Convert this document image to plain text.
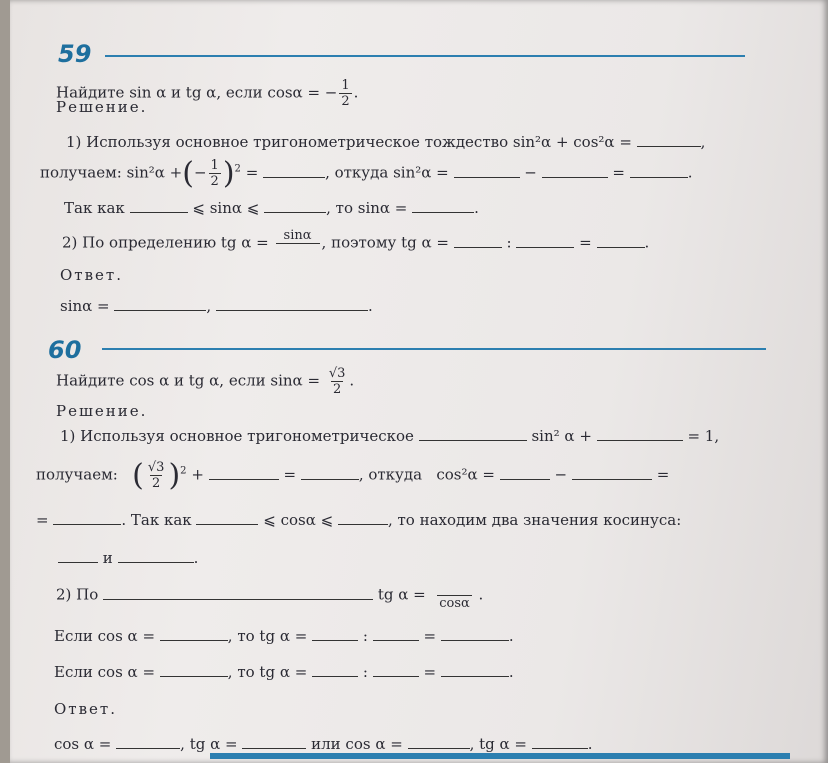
59
Найдите sin α и tg α, если cosα = − $\frac{1}{2}$ .
Решение.
1) Используя основное тригонометрическое тождество sin²α + cos²α =	,
получаем: sin²α +(− $\frac{1}{2} )^2$ =	, откуда sin²α =	−	=	.
Так как	⩽ sinα ⩽	, то sinα =	.
2) По определению tg α = sinα
, поэтому tg α =	:	=	.
Ответ.
sinα =	,	.
60
Найдите cos α и tg α, если $\sin\alpha = \frac{√3}{2}$ .
Решение.
1) Используя основное тригонометрическое	sin² α +	= 1,
получаем: ( $\frac{√3}{2} )^2$ +	=	, откуда cos²α =	−	=
=	. Так как	⩽ cosα ⩽	, то находим два значения косинуса:
и	.
2) По	tg α =
cosα .
Если cos α =	, то tg α =	:	=	.
Если cos α =	, то tg α =	:	=	.
Ответ.
cos α =	, tg α =	или cos α =	, tg α =	.
